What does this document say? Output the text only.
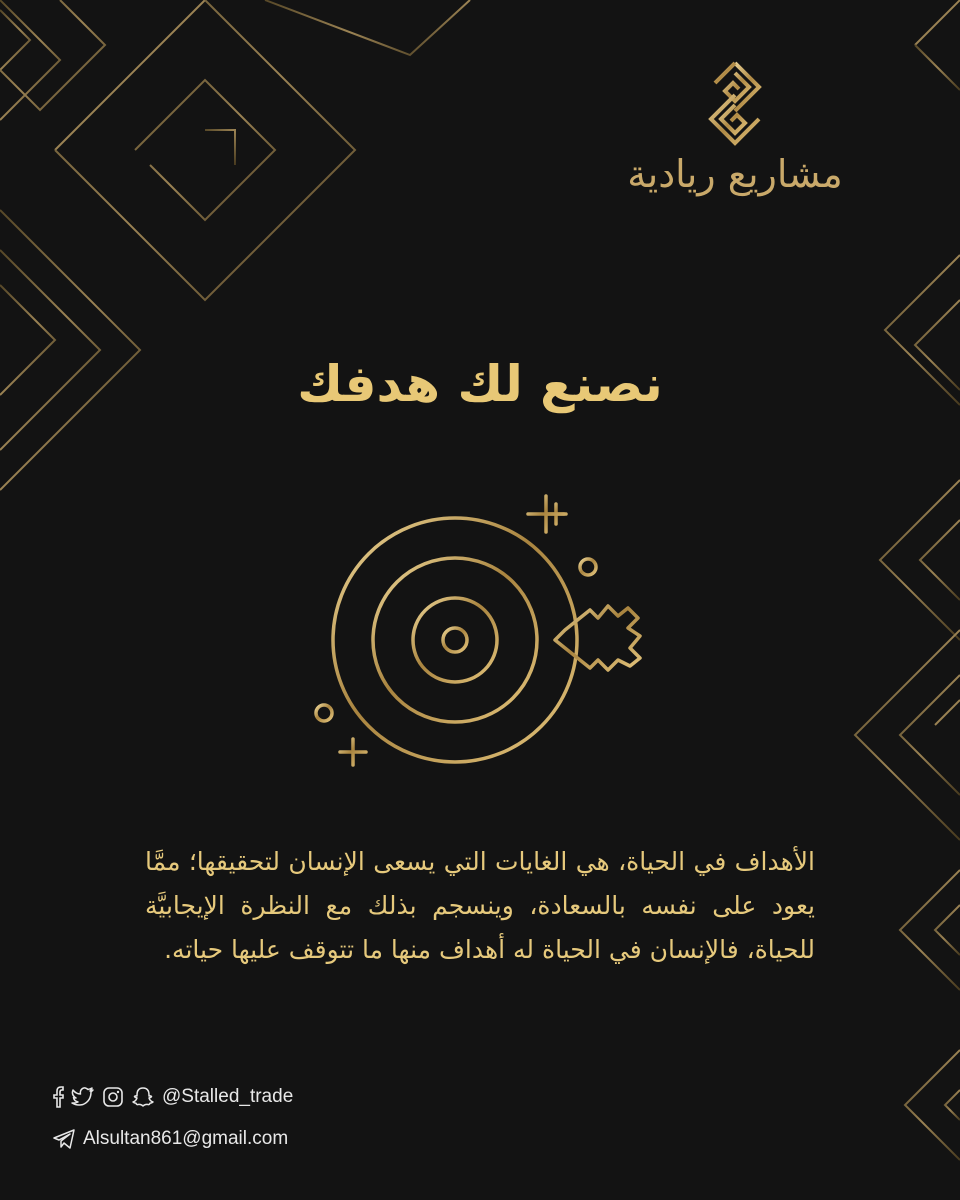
مشاريع ريادية
نصنع لك هدفك
الأهداف في الحياة، هي الغايات التي يسعى الإنسان لتحقيقها؛ ممَّا يعود على نفسه بالسعادة، وينسجم بذلك مع النظرة الإيجابيَّة للحياة، فالإنسان في الحياة له أهداف منها ما تتوقف عليها حياته.
@Stalled_trade
Alsultan861@gmail.com
